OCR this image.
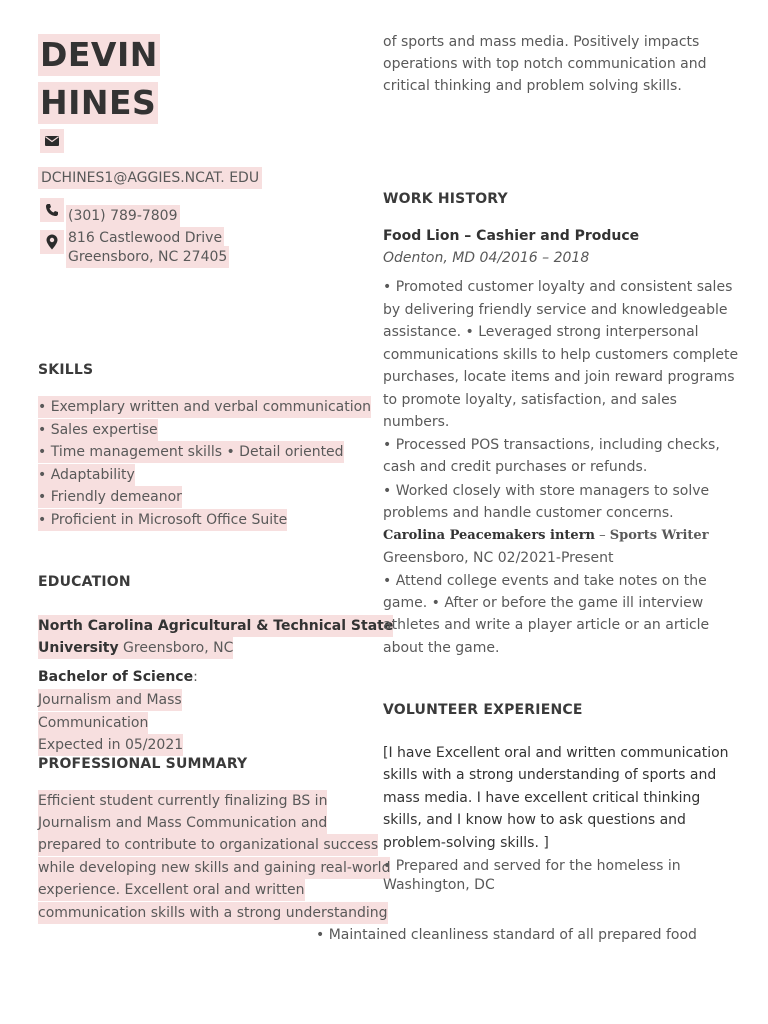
DEVIN
HINES
DCHINES1@AGGIES.NCAT. EDU
(301) 789-7809
816 Castlewood Drive
Greensboro, NC 27405
SKILLS
• Exemplary written and verbal communication
• Sales expertise
• Time management skills • Detail oriented
• Adaptability
• Friendly demeanor
• Proficient in Microsoft Office Suite
EDUCATION
North Carolina Agricultural & Technical State
University Greensboro, NC
Bachelor of Science:
Journalism and Mass
Communication
Expected in 05/2021
PROFESSIONAL SUMMARY
Efficient student currently finalizing BS in
Journalism and Mass Communication and
prepared to contribute to organizational success
while developing new skills and gaining real-world
experience. Excellent oral and written
communication skills with a strong understanding
of sports and mass media. Positively impacts
operations with top notch communication and
critical thinking and problem solving skills.
WORK HISTORY
Food Lion – Cashier and Produce
Odenton, MD 04/2016 – 2018
• Promoted customer loyalty and consistent sales
by delivering friendly service and knowledgeable
assistance. • Leveraged strong interpersonal
communications skills to help customers complete
purchases, locate items and join reward programs
to promote loyalty, satisfaction, and sales
numbers.
• Processed POS transactions, including checks,
cash and credit purchases or refunds.
• Worked closely with store managers to solve
problems and handle customer concerns.
Carolina Peacemakers intern – Sports Writer
Greensboro, NC 02/2021-Present
• Attend college events and take notes on the
game. • After or before the game ill interview
athletes and write a player article or an article
about the game.
VOLUNTEER EXPERIENCE
[I have Excellent oral and written communication
skills with a strong understanding of sports and
mass media. I have excellent critical thinking
skills, and I know how to ask questions and
problem-solving skills. ]
• Prepared and served for the homeless in
Washington, DC
• Maintained cleanliness standard of all prepared food
